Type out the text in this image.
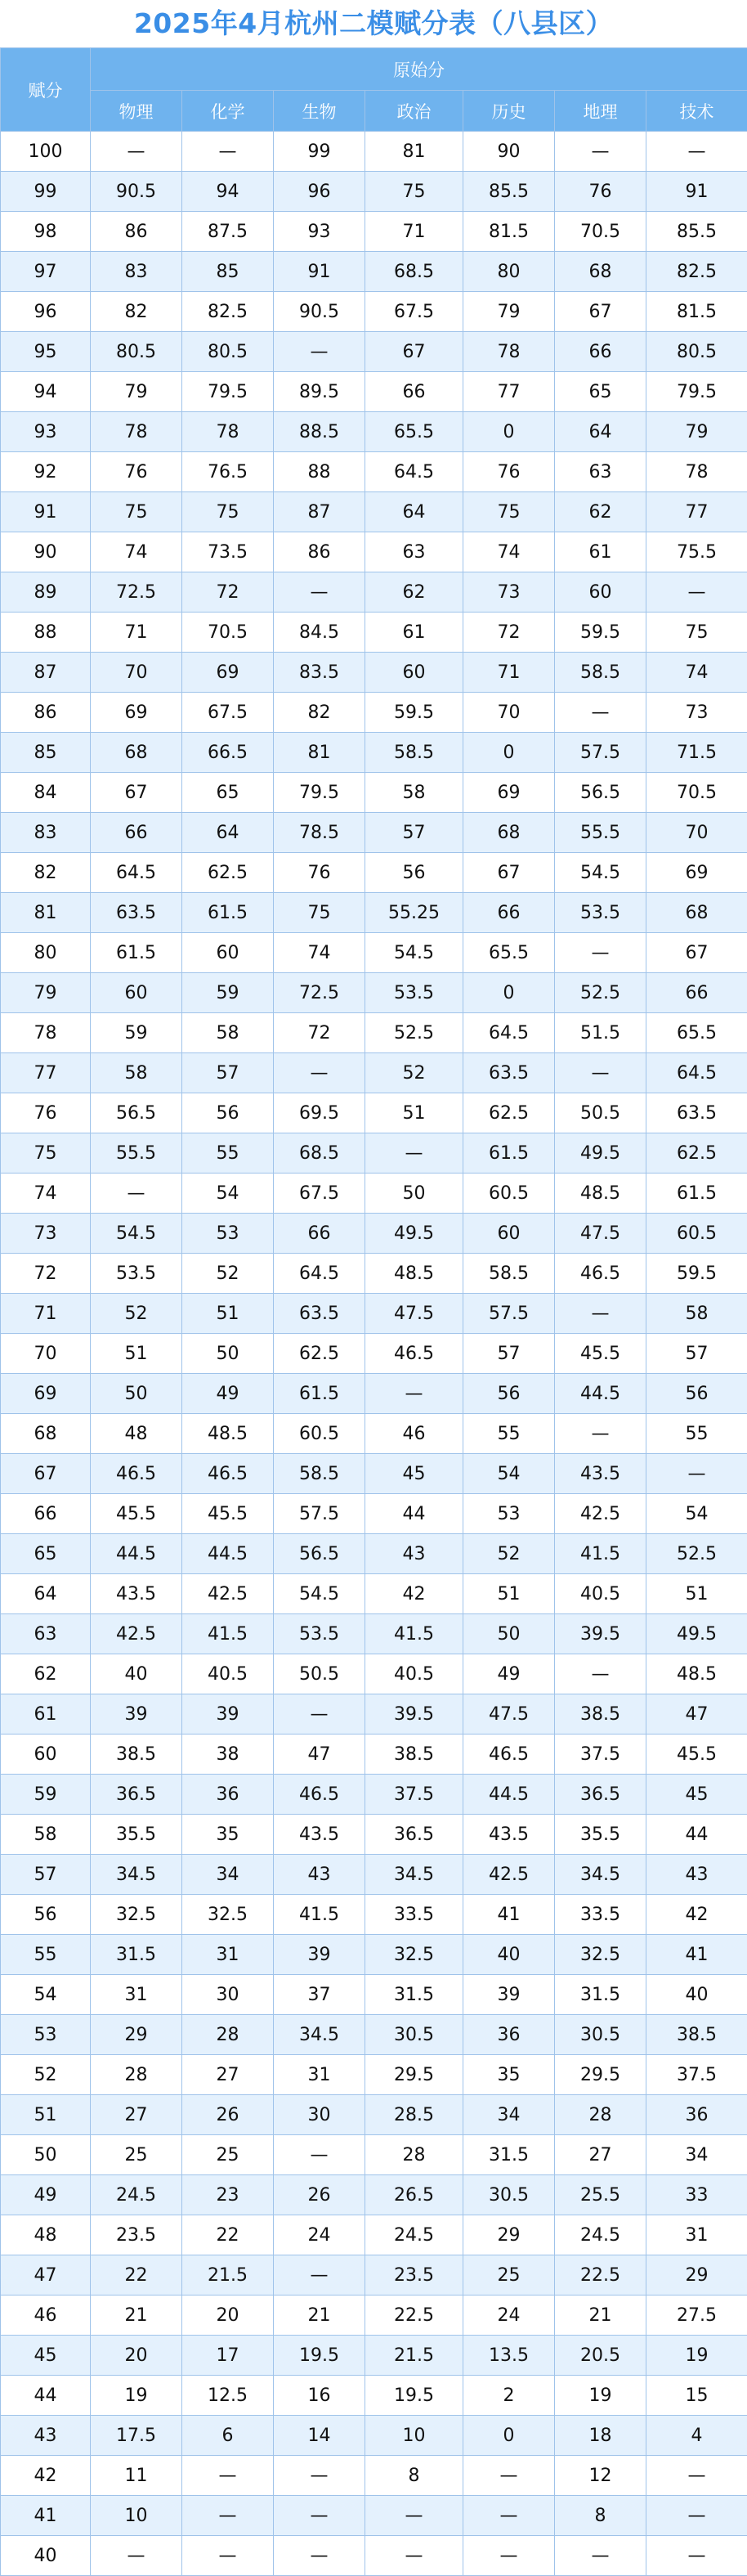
2025年4月杭州二模赋分表（八县区）
赋分	原始分						
	物理	化学	生物	政治	历史	地理	技术
100	—	—	99	81	90	—	—
99	90.5	94	96	75	85.5	76	91
98	86	87.5	93	71	81.5	70.5	85.5
97	83	85	91	68.5	80	68	82.5
96	82	82.5	90.5	67.5	79	67	81.5
95	80.5	80.5	—	67	78	66	80.5
94	79	79.5	89.5	66	77	65	79.5
93	78	78	88.5	65.5	0	64	79
92	76	76.5	88	64.5	76	63	78
91	75	75	87	64	75	62	77
90	74	73.5	86	63	74	61	75.5
89	72.5	72	—	62	73	60	—
88	71	70.5	84.5	61	72	59.5	75
87	70	69	83.5	60	71	58.5	74
86	69	67.5	82	59.5	70	—	73
85	68	66.5	81	58.5	0	57.5	71.5
84	67	65	79.5	58	69	56.5	70.5
83	66	64	78.5	57	68	55.5	70
82	64.5	62.5	76	56	67	54.5	69
81	63.5	61.5	75	55.25	66	53.5	68
80	61.5	60	74	54.5	65.5	—	67
79	60	59	72.5	53.5	0	52.5	66
78	59	58	72	52.5	64.5	51.5	65.5
77	58	57	—	52	63.5	—	64.5
76	56.5	56	69.5	51	62.5	50.5	63.5
75	55.5	55	68.5	—	61.5	49.5	62.5
74	—	54	67.5	50	60.5	48.5	61.5
73	54.5	53	66	49.5	60	47.5	60.5
72	53.5	52	64.5	48.5	58.5	46.5	59.5
71	52	51	63.5	47.5	57.5	—	58
70	51	50	62.5	46.5	57	45.5	57
69	50	49	61.5	—	56	44.5	56
68	48	48.5	60.5	46	55	—	55
67	46.5	46.5	58.5	45	54	43.5	—
66	45.5	45.5	57.5	44	53	42.5	54
65	44.5	44.5	56.5	43	52	41.5	52.5
64	43.5	42.5	54.5	42	51	40.5	51
63	42.5	41.5	53.5	41.5	50	39.5	49.5
62	40	40.5	50.5	40.5	49	—	48.5
61	39	39	—	39.5	47.5	38.5	47
60	38.5	38	47	38.5	46.5	37.5	45.5
59	36.5	36	46.5	37.5	44.5	36.5	45
58	35.5	35	43.5	36.5	43.5	35.5	44
57	34.5	34	43	34.5	42.5	34.5	43
56	32.5	32.5	41.5	33.5	41	33.5	42
55	31.5	31	39	32.5	40	32.5	41
54	31	30	37	31.5	39	31.5	40
53	29	28	34.5	30.5	36	30.5	38.5
52	28	27	31	29.5	35	29.5	37.5
51	27	26	30	28.5	34	28	36
50	25	25	—	28	31.5	27	34
49	24.5	23	26	26.5	30.5	25.5	33
48	23.5	22	24	24.5	29	24.5	31
47	22	21.5	—	23.5	25	22.5	29
46	21	20	21	22.5	24	21	27.5
45	20	17	19.5	21.5	13.5	20.5	19
44	19	12.5	16	19.5	2	19	15
43	17.5	6	14	10	0	18	4
42	11	—	—	8	—	12	—
41	10	—	—	—	—	8	—
40	—	—	—	—	—	—	—
